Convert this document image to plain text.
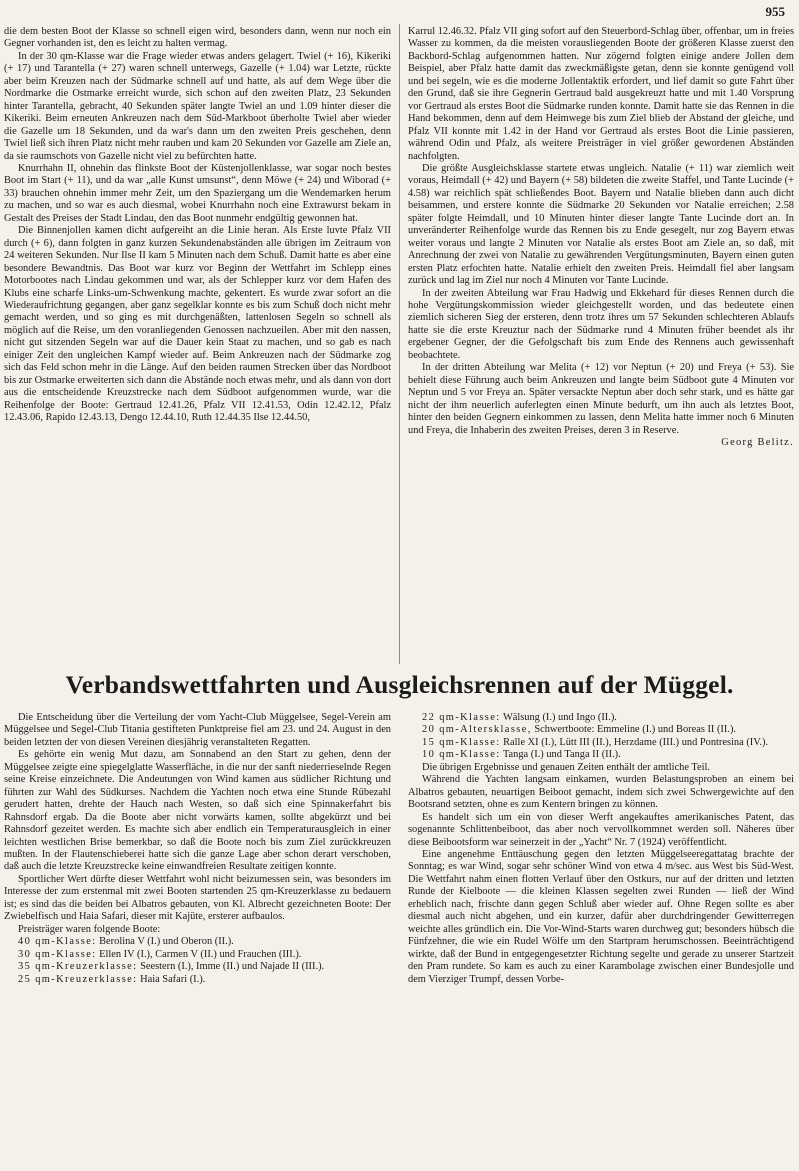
955

die dem besten Boot der Klasse so schnell eigen wird, besonders dann, wenn nur noch ein Gegner vorhanden ist, den es leicht zu halten vermag.

In der 30 qm-Klasse war die Frage wieder etwas anders gelagert. Twiel (+ 16), Kikeriki (+ 17) und Tarantella (+ 27) waren schnell unterwegs, Gazelle (+ 1.04) war Letzte, rückte aber beim Kreuzen nach der Südmarke schnell auf und hatte, als auf dem Wege über die Nordmarke die Ostmarke erreicht wurde, sich schon auf den zweiten Platz, 23 Sekunden hinter Tarantella, gebracht, 40 Sekunden später langte Twiel an und 1.09 hinter dieser die Kikeriki. Beim erneuten Ankreuzen nach dem Süd-Markboot überholte Twiel aber wieder die Gazelle um 18 Sekunden, und da war's dann um den zweiten Preis geschehen, denn Twiel ließ sich ihren Platz nicht mehr rauben und kam 20 Sekunden vor Gazelle am Ziele an, da sie raumschots von Gazelle nicht viel zu befürchten hatte.

Knurrhahn II, ohnehin das flinkste Boot der Küstenjollenklasse, war sogar noch bestes Boot im Start (+ 11), und da war „alle Kunst umsunst“, denn Möwe (+ 24) und Wiborad (+ 33) brauchen ohnehin immer mehr Zeit, um den Spaziergang um die Wendemarken herum zu machen, und so war es auch diesmal, wobei Knurrhahn noch eine Extrawurst bekam in Gestalt des Preises der Stadt Lindau, den das Boot nunmehr endgültig gewonnen hat.

Die Binnenjollen kamen dicht aufgereiht an die Linie heran. Als Erste luvte Pfalz VII durch (+ 6), dann folgten in ganz kurzen Sekundenabständen alle übrigen im Zeitraum von 24 weiteren Sekunden. Nur Ilse II kam 5 Minuten nach dem Schuß. Damit hatte es aber eine besondere Bewandtnis. Das Boot war kurz vor Beginn der Wettfahrt im Schlepp eines Motorbootes nach Lindau gekommen und war, als der Schlepper kurz vor dem Hafen des Klubs eine scharfe Links-um-Schwenkung machte, gekentert. Es wurde zwar sofort an die Wiederaufrichtung gegangen, aber ganz segelklar konnte es bis zum Schuß doch nicht mehr gemacht werden, und so ging es mit durchgenäßten, lattenlosen Segeln so schnell als möglich auf die Reise, um den voranliegenden Genossen nachzueilen. Aber mit den nassen, nicht gut sitzenden Segeln war auf die Dauer kein Staat zu machen, und so gab es nach einiger Zeit den ungleichen Kampf wieder auf. Beim Ankreuzen nach der Südmarke zog sich das Feld schon mehr in die Länge. Auf den beiden raumen Strecken über das Nordboot bis zur Ostmarke erweiterten sich dann die Abstände noch etwas mehr, und als dann von dort aus die entscheidende Kreuzstrecke nach dem Südboot aufgenommen wurde, war die Reihenfolge der Boote: Gertraud 12.41.26, Pfalz VII 12.41.53, Odin 12.42.12, Pfalz 12.43.06, Rapido 12.43.13, Dengo 12.44.10, Ruth 12.44.35 Ilse 12.44.50,

Karrul 12.46.32. Pfalz VII ging sofort auf den Steuerbord-Schlag über, offenbar, um in freies Wasser zu kommen, da die meisten vorausliegenden Boote der größeren Klasse zuerst den Backbord-Schlag aufgenommen hatten. Nur zögernd folgten einige andere Jollen dem Beispiel, aber Pfalz hatte damit das zweckmäßigste getan, denn sie konnte genügend voll und bei segeln, wie es die moderne Jollentaktik erfordert, und lief damit so gute Fahrt über den Grund, daß sie ihre Gegnerin Gertraud bald ausgekreuzt hatte und mit 1.40 Vorsprung vor Gertraud als erstes Boot die Südmarke runden konnte. Damit hatte sie das Rennen in die Hand bekommen, denn auf dem Heimwege bis zum Ziel blieb der Abstand der gleiche, und Pfalz VII konnte mit 1.42 in der Hand vor Gertraud als erstes Boot die Linie passieren, während Odin und Pfalz, als weitere Preisträger in viel größer gewordenen Abständen nachfolgten.

Die größte Ausgleichsklasse startete etwas ungleich. Natalie (+ 11) war ziemlich weit voraus, Heimdall (+ 42) und Bayern (+ 58) bildeten die zweite Staffel, und Tante Lucinde (+ 4.58) war reichlich spät schließendes Boot. Bayern und Natalie blieben dann auch dicht beisammen, und erstere konnte die Südmarke 20 Sekunden vor Natalie erreichen; 2.58 später folgte Heimdall, und 10 Minuten hinter dieser langte Tante Lucinde dort an. In unveränderter Reihenfolge wurde das Rennen bis zu Ende gesegelt, nur zog Bayern etwas weiter voraus und langte 2 Minuten vor Natalie als erstes Boot am Ziele an, so daß, mit Anrechnung der zwei von Natalie zu gewährenden Vergütungsminuten, Bayern einen guten ersten Platz erfochten hatte. Natalie erhielt den zweiten Preis. Heimdall fiel aber langsam zurück und lag im Ziel nur noch 4 Minuten vor Tante Lucinde.

In der zweiten Abteilung war Frau Hadwig und Ekkehard für dieses Rennen durch die hohe Vergütungskommission wieder gleichgestellt worden, und das bedeutete einen ziemlich sicheren Sieg der ersteren, denn trotz ihres um 57 Sekunden schlechteren Ablaufs hatte sie die erste Kreuztur nach der Südmarke rund 4 Minuten früher beendet als ihr ergebener Gegner, der die Gefolgschaft bis zum Ende des Rennens auch gewissenhaft beobachtete.

In der dritten Abteilung war Melita (+ 12) vor Neptun (+ 20) und Freya (+ 53). Sie behielt diese Führung auch beim Ankreuzen und langte beim Südboot gute 4 Minuten vor Neptun und 5 vor Freya an. Später versackte Neptun aber doch sehr stark, und es hätte gar nicht der ihm neuerlich auferlegten einen Minute bedurft, um ihn auch als letztes Boot, hinter den beiden Gegnern einkommen zu lassen, denn Melita hatte immer noch 6 Minuten und Freya, die Inhaberin des zweiten Preises, deren 3 in Reserve.

Georg Belitz.

Verbandswettfahrten und Ausgleichsrennen auf der Müggel.

Die Entscheidung über die Verteilung der vom Yacht-Club Müggelsee, Segel-Verein am Müggelsee und Segel-Club Titania gestifteten Punktpreise fiel am 23. und 24. August in den beiden letzten der von diesen Vereinen diesjährig veranstalteten Regatten.

Es gehörte ein wenig Mut dazu, am Sonnabend an den Start zu gehen, denn der Müggelsee zeigte eine spiegelglatte Wasserfläche, in die nur der sanft niederrieselnde Regen seine Kreise einzeichnete. Die Andeutungen von Wind kamen aus südlicher Richtung und führten zur Wahl des Südkurses. Nachdem die Yachten noch etwa eine Stunde Rübezahl gerudert hatten, drehte der Hauch nach Westen, so daß sich eine Spinnakerfahrt bis Rahnsdorf ergab. Da die Boote aber nicht vorwärts kamen, sollte abgekürzt und bei Rahnsdorf gezeitet werden. Es machte sich aber endlich ein Temperaturausgleich in einer leichten westlichen Brise bemerkbar, so daß die Boote noch bis zum Ziel zurückkreuzen mußten. In der Flautenschieberei hatte sich die ganze Lage aber schon derart verschoben, daß auch die letzte Kreuzstrecke keine einwandfreien Resultate zeitigen konnte.

Sportlicher Wert dürfte dieser Wettfahrt wohl nicht beizumessen sein, was besonders im Interesse der zum erstenmal mit zwei Booten startenden 25 qm-Kreuzerklasse zu bedauern ist; es sind das die beiden bei Albatros gebauten, von Kl. Albrecht gezeichneten Boote: Der Zwiebelfisch und Haia Safari, dieser mit Kajüte, ersterer aufbaulos.

Preisträger waren folgende Boote:

40 qm-Klasse: Berolina V (I.) und Oberon (II.).

30 qm-Klasse: Ellen IV (I.), Carmen V (II.) und Frauchen (III.).

35 qm-Kreuzerklasse: Seestern (I.), Imme (II.) und Najade II (III.).

25 qm-Kreuzerklasse: Haia Safari (I.).

22 qm-Klasse: Wälsung (I.) und Ingo (II.).

20 qm-Altersklasse, Schwertboote: Emmeline (I.) und Boreas II (II.).

15 qm-Klasse: Ralle XI (I.), Lütt III (II.), Herzdame (III.) und Pontresina (IV.).

10 qm-Klasse: Tanga (I.) und Tanga II (II.).

Die übrigen Ergebnisse und genauen Zeiten enthält der amtliche Teil.

Während die Yachten langsam einkamen, wurden Belastungsproben an einem bei Albatros gebauten, neuartigen Beiboot gemacht, indem sich zwei Schwergewichte auf den Bootsrand setzten, ohne es zum Kentern bringen zu können.

Es handelt sich um ein von dieser Werft angekauftes amerikanisches Patent, das sogenannte Schlittenbeiboot, das aber noch vervollkommnet werden soll. Näheres über diese Beibootsform war seinerzeit in der „Yacht“ Nr. 7 (1924) veröffentlicht.

Eine angenehme Enttäuschung gegen den letzten Müggelseeregattatag brachte der Sonntag; es war Wind, sogar sehr schöner Wind von etwa 4 m/sec. aus West bis Süd-West. Die Wettfahrt nahm einen flotten Verlauf über den Ostkurs, nur auf der dritten und letzten Runde der Kielboote — die kleinen Klassen segelten zwei Runden — ließ der Wind erheblich nach, frischte dann gegen Schluß aber wieder auf. Ohne Regen sollte es aber diesmal auch nicht abgehen, und ein kurzer, dafür aber durchdringender Gewitterregen weichte alles gründlich ein. Die Vor-Wind-Starts waren durchweg gut; besonders hübsch die Fünfzehner, die wie ein Rudel Wölfe um den Startpram herumschossen. Beeinträchtigend wirkte, daß der Bund in entgegengesetzter Richtung segelte und gerade zu unserer Startzeit den Pram rundete. So kam es auch zu einer Karambolage zwischen einer Bundesjolle und dem Vierziger Trumpf, dessen Vorbe-
